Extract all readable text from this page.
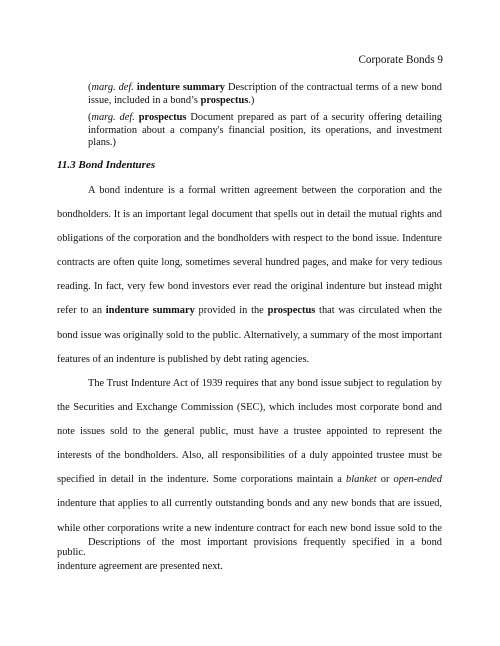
Corporate Bonds 9
(marg. def. indenture summary Description of the contractual terms of a new bond issue, included in a bond’s prospectus.)
(marg. def. prospectus Document prepared as part of a security offering detailing information about a company's financial position, its operations, and investment plans.)
11.3 Bond Indentures
A bond indenture is a formal written agreement between the corporation and the bondholders. It is an important legal document that spells out in detail the mutual rights and obligations of the corporation and the bondholders with respect to the bond issue. Indenture contracts are often quite long, sometimes several hundred pages, and make for very tedious reading. In fact, very few bond investors ever read the original indenture but instead might refer to an indenture summary provided in the prospectus that was circulated when the bond issue was originally sold to the public. Alternatively, a summary of the most important features of an indenture is published by debt rating agencies.
The Trust Indenture Act of 1939 requires that any bond issue subject to regulation by the Securities and Exchange Commission (SEC), which includes most corporate bond and note issues sold to the general public, must have a trustee appointed to represent the interests of the bondholders. Also, all responsibilities of a duly appointed trustee must be specified in detail in the indenture. Some corporations maintain a blanket or open-ended indenture that applies to all currently outstanding bonds and any new bonds that are issued, while other corporations write a new indenture contract for each new bond issue sold to the public.
Descriptions of the most important provisions frequently specified in a bond indenture agreement are presented next.
